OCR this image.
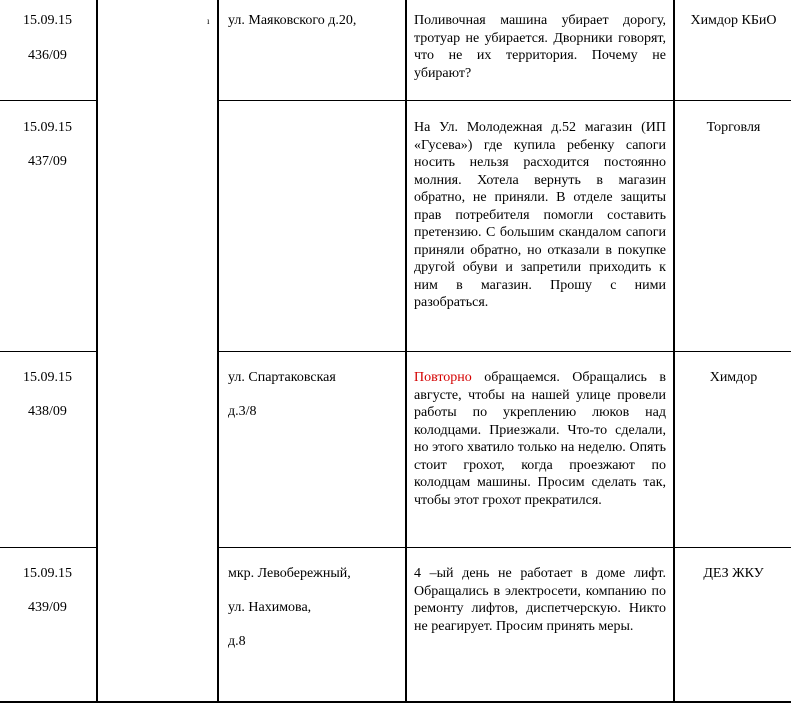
ı
15.09.15
436/09
ул. Маяковского д.20,	Поливочная машина убирает дорогу, тротуар не убирается. Дворники говорят, что не их территория. Почему не убирают?
Химдор КБиО
15.09.15
437/09
На Ул. Молодежная д.52 магазин (ИП «Гусева») где купила ребенку сапоги носить нельзя расходится постоянно молния. Хотела вернуть в магазин обратно, не приняли. В отделе защиты прав потребителя помогли составить претензию. С большим скандалом сапоги приняли обратно, но отказали в покупке другой обуви и запретили приходить к ним в магазин. Прошу с ними разобраться.
Торговля
15.09.15
438/09
ул. Спартаковская
д.3/8
Повторно обращаемся. Обращались в августе, чтобы на нашей улице провели работы по укреплению люков над колодцами. Приезжали. Что-то сделали, но этого хватило только на неделю. Опять стоит грохот, когда проезжают по колодцам машины. Просим сделать так, чтобы этот грохот прекратился.
Химдор
15.09.15
439/09
мкр. Левобережный,
ул. Нахимова,
д.8
4 –ый день не работает в доме лифт. Обращались в электросети, компанию по ремонту лифтов, диспетчерскую. Никто не реагирует. Просим принять меры.
ДЕЗ ЖКУ
